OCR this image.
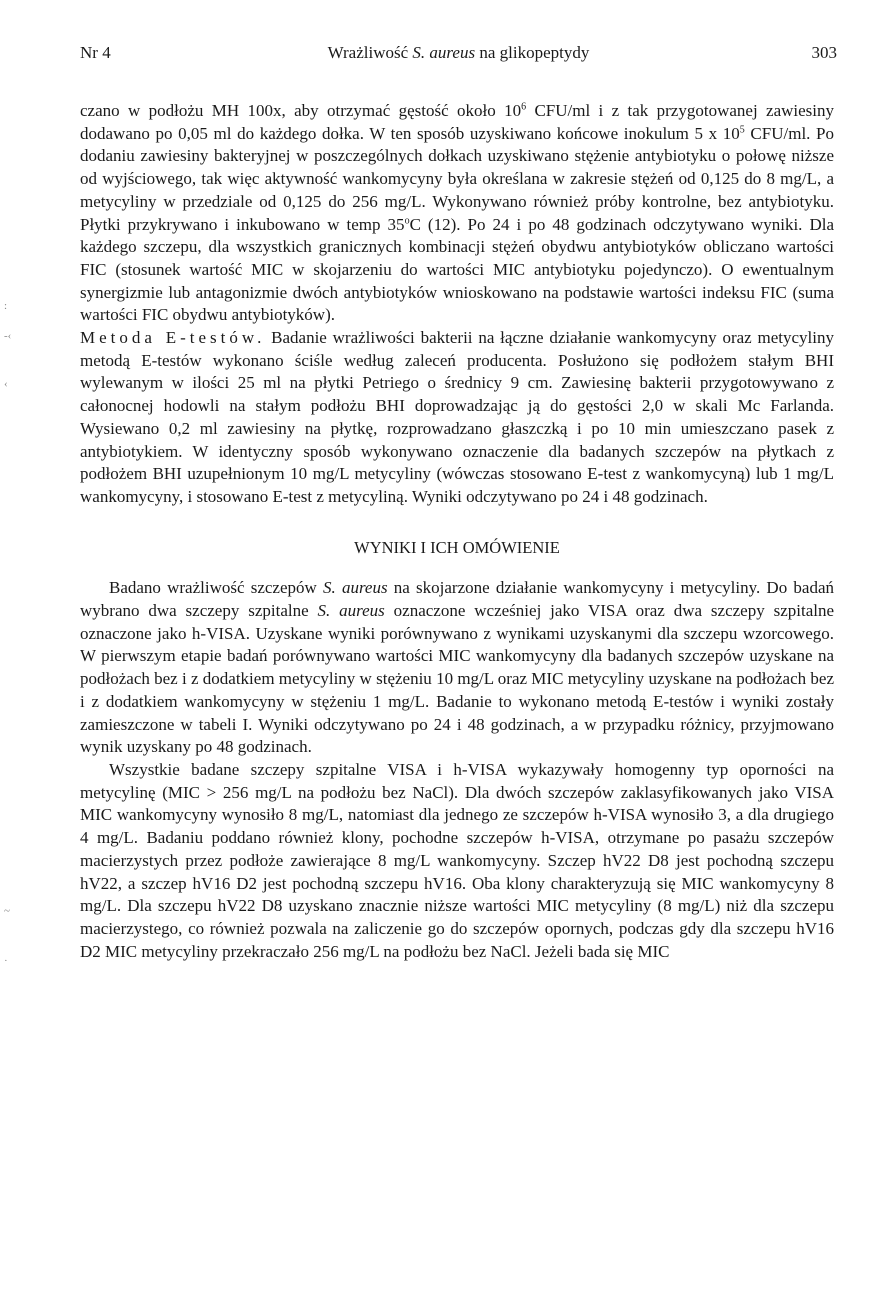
Nr 4	Wrażliwość S. aureus na glikopeptydy	303
:
-‹
‹
~
·

czano w podłożu MH 100x, aby otrzymać gęstość około $10^6$ CFU/ml i z tak przygotowanej zawiesiny dodawano po 0,05 ml do każdego dołka. W ten sposób uzyskiwano końcowe inokulum 5 x $10^5$ CFU/ml. Po dodaniu zawiesiny bakteryjnej w poszczególnych dołkach uzyskiwano stężenie antybiotyku o połowę niższe od wyjściowego, tak więc aktywność wankomycyny była określana w zakresie stężeń od 0,125 do 8 mg/L, a metycyliny w przedziale od 0,125 do 256 mg/L. Wykonywano również próby kontrolne, bez antybiotyku. Płytki przykrywano i inkubowano w temp 35$^o$C (12). Po 24 i po 48 godzinach odczytywano wyniki. Dla każdego szczepu, dla wszystkich granicznych kombinacji stężeń obydwu antybiotyków obliczano wartości FIC (stosunek wartość MIC w skojarzeniu do wartości MIC antybiotyku pojedynczo). O ewentualnym synergizmie lub antagonizmie dwóch antybiotyków wnioskowano na podstawie wartości indeksu FIC (suma wartości FIC obydwu antybiotyków).

Metoda E-testów. Badanie wrażliwości bakterii na łączne działanie wankomycyny oraz metycyliny metodą E-testów wykonano ściśle według zaleceń producenta. Posłużono się podłożem stałym BHI wylewanym w ilości 25 ml na płytki Petriego o średnicy 9 cm. Zawiesinę bakterii przygotowywano z całonocnej hodowli na stałym podłożu BHI doprowadzając ją do gęstości 2,0 w skali Mc Farlanda. Wysiewano 0,2 ml zawiesiny na płytkę, rozprowadzano głaszczką i po 10 min umieszczano pasek z antybiotykiem. W identyczny sposób wykonywano oznaczenie dla badanych szczepów na płytkach z podłożem BHI uzupełnionym 10 mg/L metycyliny (wówczas stosowano E-test z wankomycyną) lub 1 mg/L wankomycyny, i stosowano E-test z metycyliną. Wyniki odczytywano po 24 i 48 godzinach.

WYNIKI I ICH OMÓWIENIE

Badano wrażliwość szczepów S. aureus na skojarzone działanie wankomycyny i metycyliny. Do badań wybrano dwa szczepy szpitalne S. aureus oznaczone wcześniej jako VISA oraz dwa szczepy szpitalne oznaczone jako h-VISA. Uzyskane wyniki porównywano z wynikami uzyskanymi dla szczepu wzorcowego. W pierwszym etapie badań porównywano wartości MIC wankomycyny dla badanych szczepów uzyskane na podłożach bez i z dodatkiem metycyliny w stężeniu 10 mg/L oraz MIC metycyliny uzyskane na podłożach bez i z dodatkiem wankomycyny w stężeniu 1 mg/L. Badanie to wykonano metodą E-testów i wyniki zostały zamieszczone w tabeli I. Wyniki odczytywano po 24 i 48 godzinach, a w przypadku różnicy, przyjmowano wynik uzyskany po 48 godzinach.

Wszystkie badane szczepy szpitalne VISA i h-VISA wykazywały homogenny typ oporności na metycylinę (MIC > 256 mg/L na podłożu bez NaCl). Dla dwóch szczepów zaklasyfikowanych jako VISA MIC wankomycyny wynosiło 8 mg/L, natomiast dla jednego ze szczepów h-VISA wynosiło 3, a dla drugiego 4 mg/L. Badaniu poddano również klony, pochodne szczepów h-VISA, otrzymane po pasażu szczepów macierzystych przez podłoże zawierające 8 mg/L wankomycyny. Szczep hV22 D8 jest pochodną szczepu hV22, a szczep hV16 D2 jest pochodną szczepu hV16. Oba klony charakteryzują się MIC wankomycyny 8 mg/L. Dla szczepu hV22 D8 uzyskano znacznie niższe wartości MIC metycyliny (8 mg/L) niż dla szczepu macierzystego, co również pozwala na zaliczenie go do szczepów opornych, podczas gdy dla szczepu hV16 D2 MIC metycyliny przekraczało 256 mg/L na podłożu bez NaCl. Jeżeli bada się MIC
